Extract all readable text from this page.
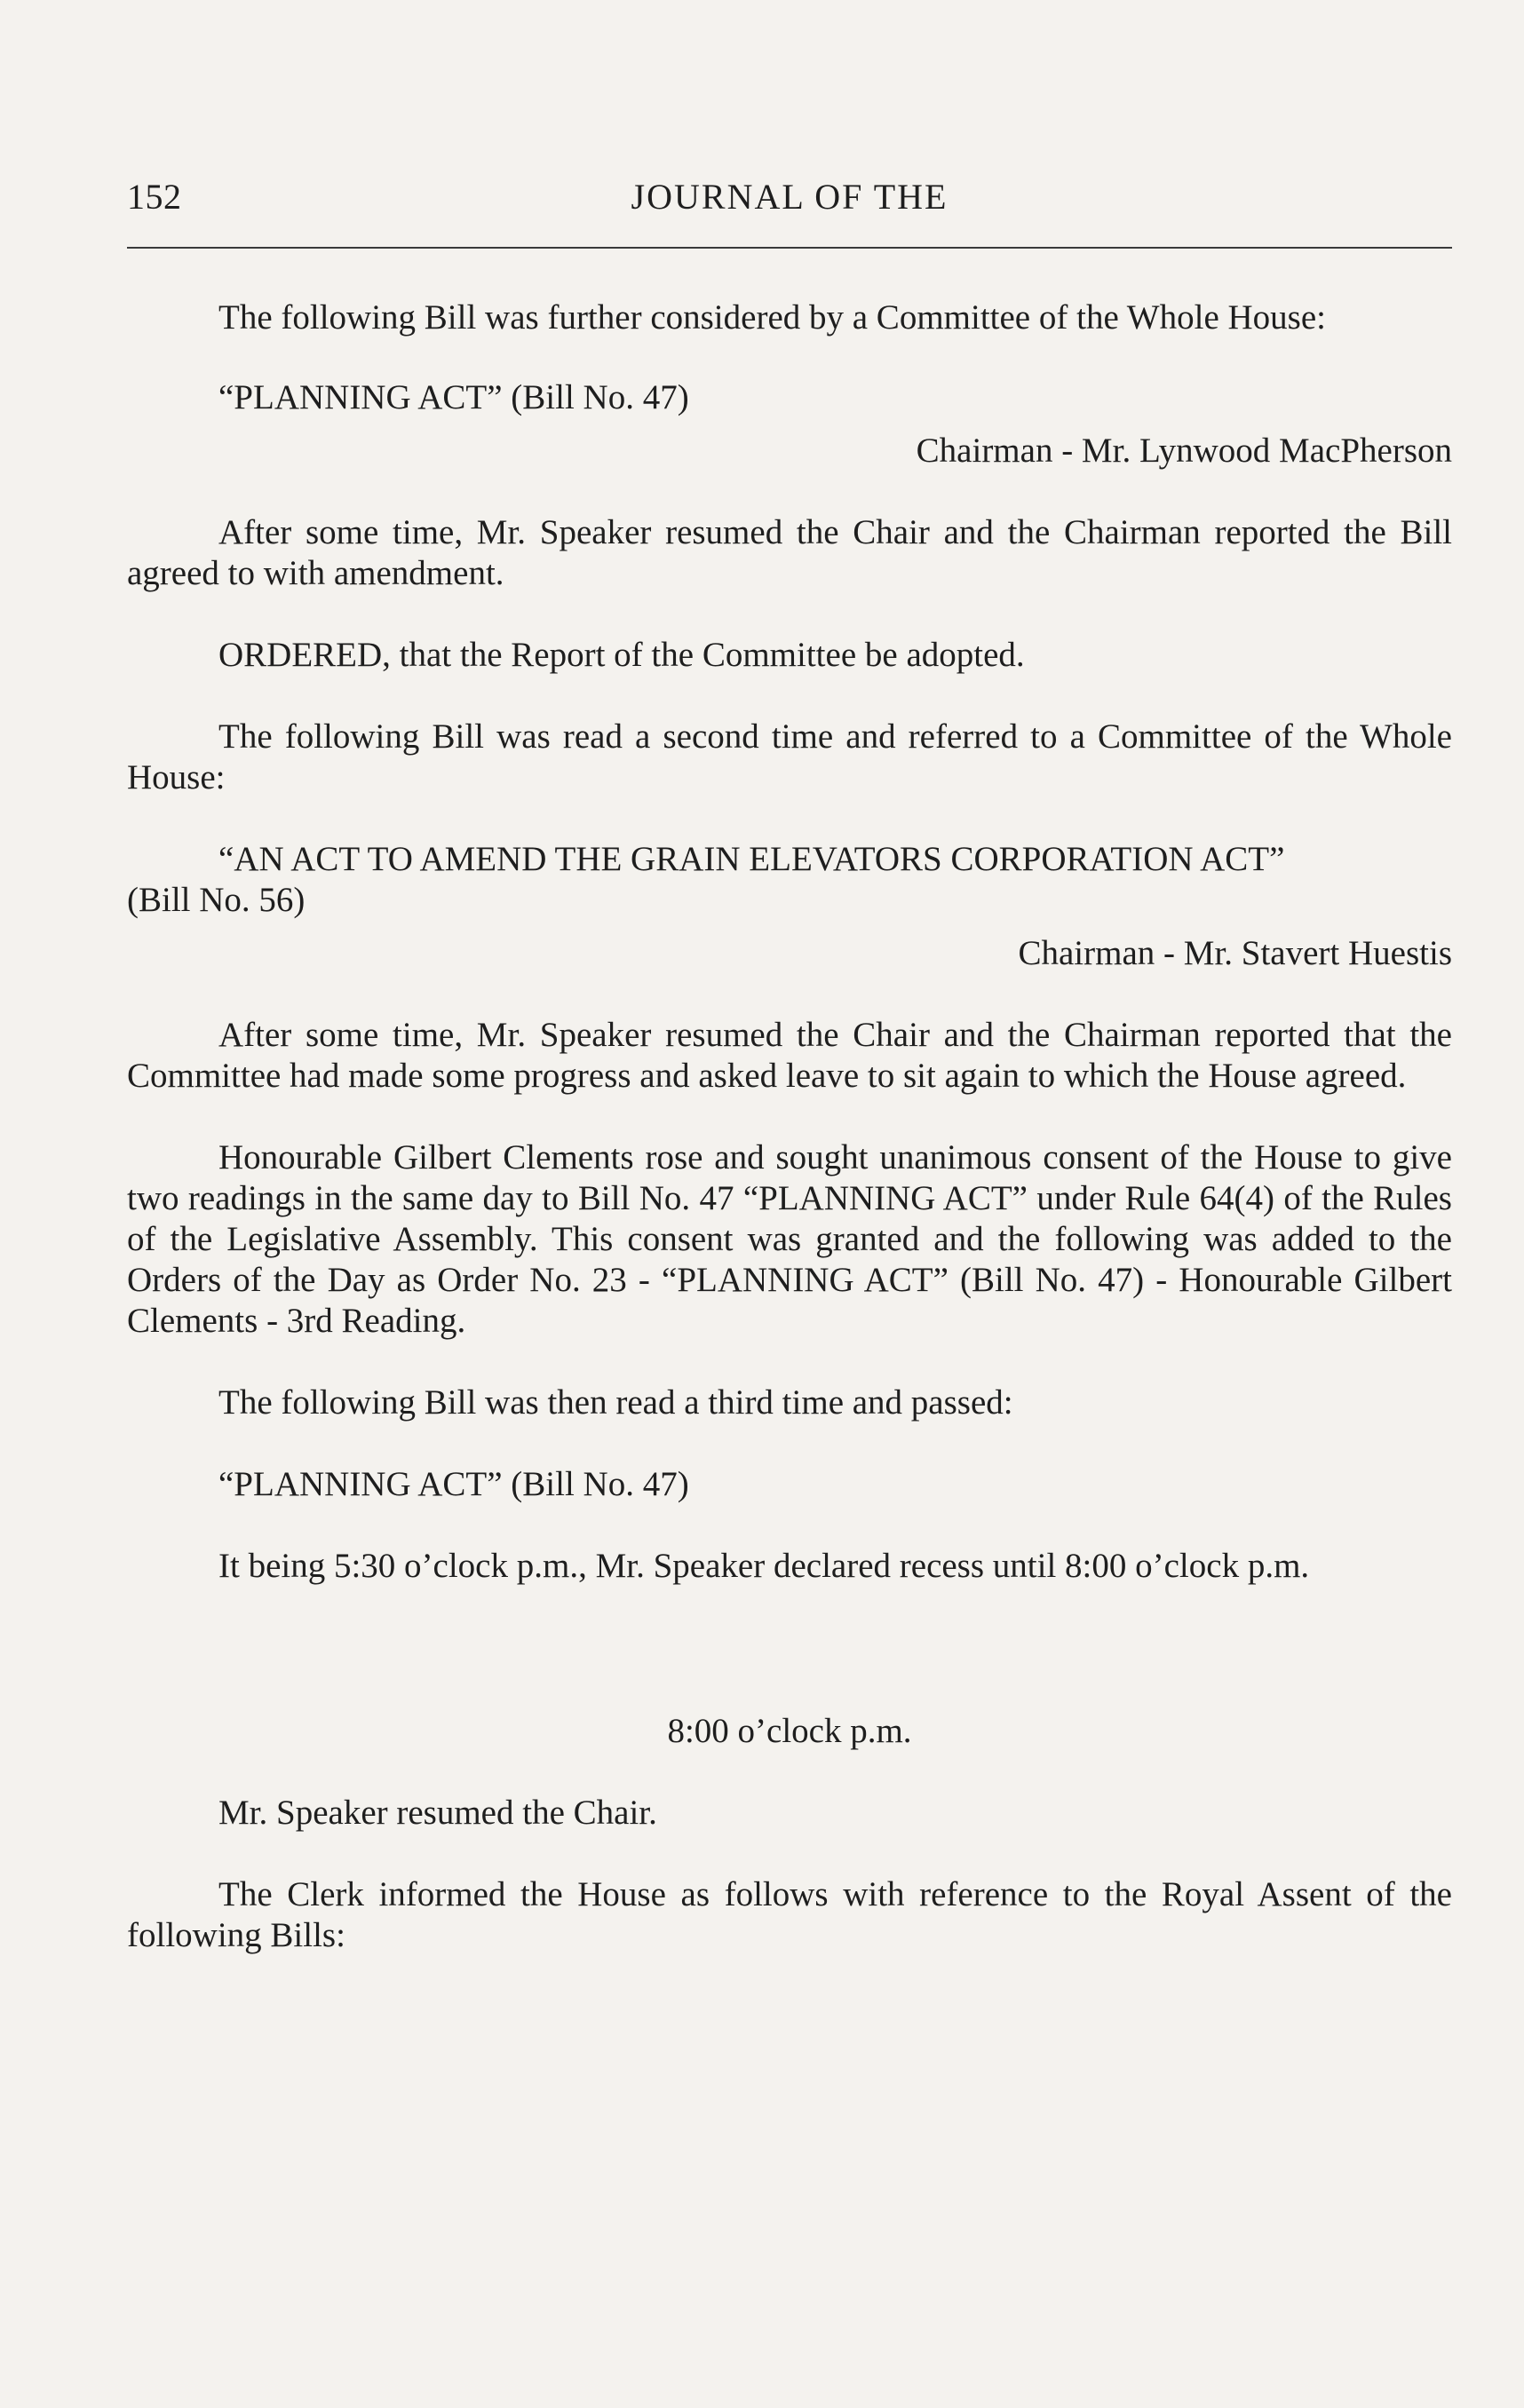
152	JOURNAL OF THE

The following Bill was further considered by a Committee of the Whole House:

“PLANNING ACT” (Bill No. 47)

Chairman - Mr. Lynwood MacPherson

After some time, Mr. Speaker resumed the Chair and the Chairman reported the Bill agreed to with amendment.

ORDERED, that the Report of the Committee be adopted.

The following Bill was read a second time and referred to a Committee of the Whole House:

“AN ACT TO AMEND THE GRAIN ELEVATORS CORPORATION ACT”

(Bill No. 56)

Chairman - Mr. Stavert Huestis

After some time, Mr. Speaker resumed the Chair and the Chairman reported that the Committee had made some progress and asked leave to sit again to which the House agreed.

Honourable Gilbert Clements rose and sought unanimous consent of the House to give two readings in the same day to Bill No. 47 “PLANNING ACT” under Rule 64(4) of the Rules of the Legislative Assembly. This consent was granted and the following was added to the Orders of the Day as Order No. 23 - “PLANNING ACT” (Bill No. 47) - Honourable Gilbert Clements - 3rd Reading.

The following Bill was then read a third time and passed:

“PLANNING ACT” (Bill No. 47)

It being 5:30 o’clock p.m., Mr. Speaker declared recess until 8:00 o’clock p.m.

8:00 o’clock p.m.

Mr. Speaker resumed the Chair.

The Clerk informed the House as follows with reference to the Royal Assent of the following Bills:
